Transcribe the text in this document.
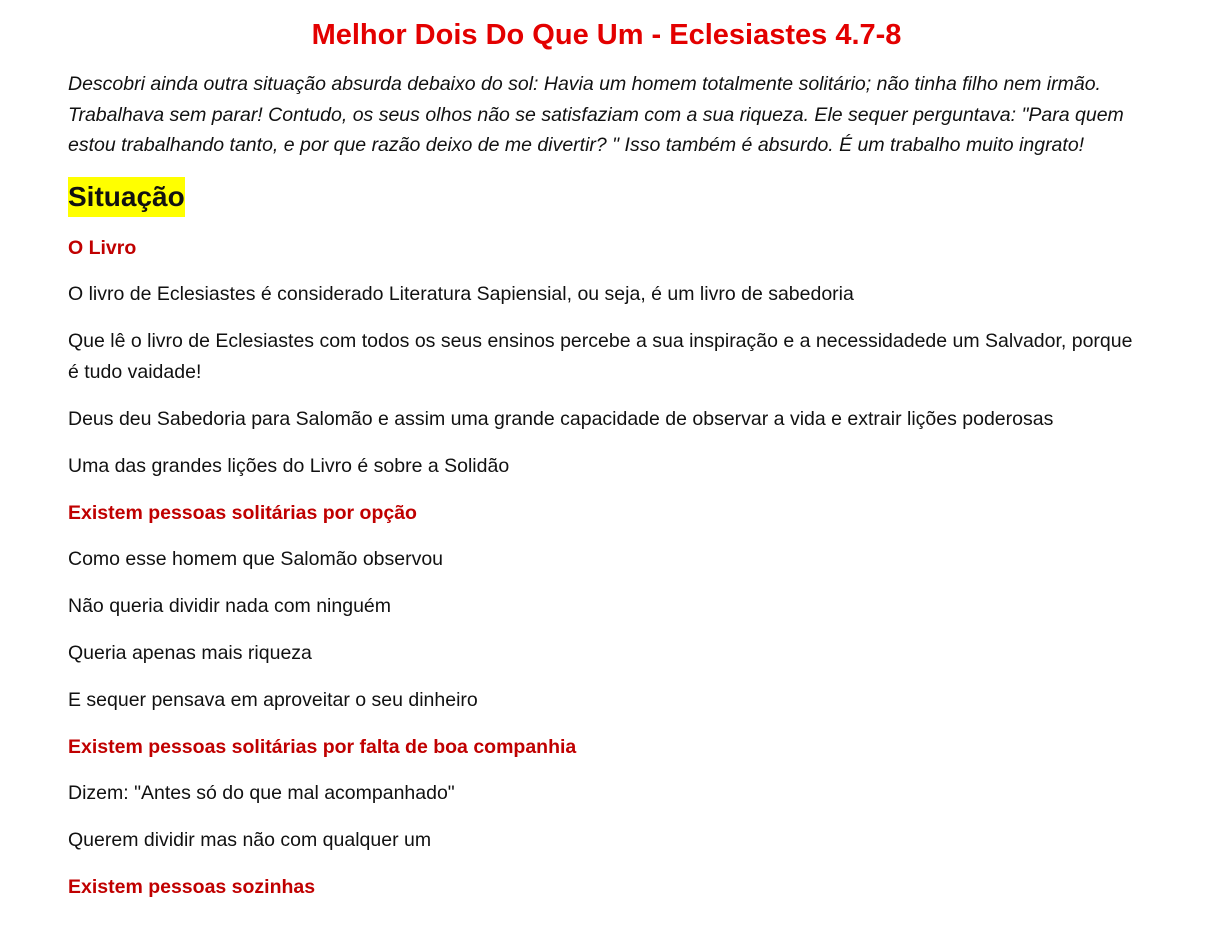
Melhor Dois Do Que Um - Eclesiastes 4.7-8

Descobri ainda outra situação absurda debaixo do sol: Havia um homem totalmente solitário; não tinha filho nem irmão. Trabalhava sem parar! Contudo, os seus olhos não se satisfaziam com a sua riqueza. Ele sequer perguntava: "Para quem estou trabalhando tanto, e por que razão deixo de me divertir? " Isso também é absurdo. É um trabalho muito ingrato!

Situação

O Livro

O livro de Eclesiastes é considerado Literatura Sapiensial, ou seja, é um livro de sabedoria

Que lê o livro de Eclesiastes com todos os seus ensinos percebe a sua inspiração e a necessidadede um Salvador, porque é tudo vaidade!

Deus deu Sabedoria para Salomão e assim uma grande capacidade de observar a vida e extrair lições poderosas

Uma das grandes lições do Livro é sobre a Solidão

Existem pessoas solitárias por opção

Como esse homem que Salomão observou

Não queria dividir nada com ninguém

Queria apenas mais riqueza

E sequer pensava em aproveitar o seu dinheiro

Existem pessoas solitárias por falta de boa companhia

Dizem: "Antes só do que mal acompanhado"

Querem dividir mas não com qualquer um

Existem pessoas sozinhas
